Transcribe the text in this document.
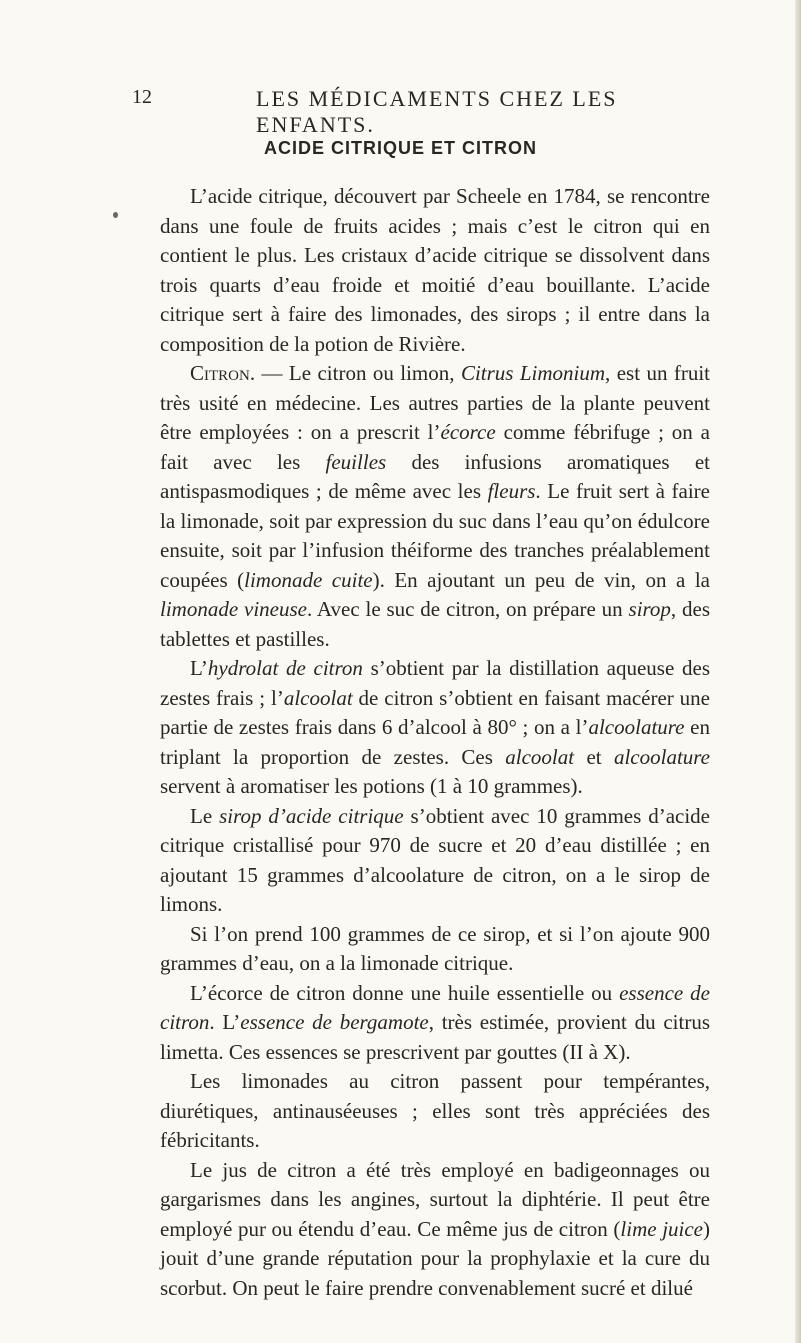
12	LES MÉDICAMENTS CHEZ LES ENFANTS.
ACIDE CITRIQUE ET CITRON

L’acide citrique, découvert par Scheele en 1784, se rencontre dans une foule de fruits acides ; mais c’est le citron qui en contient le plus. Les cristaux d’acide citrique se dissolvent dans trois quarts d’eau froide et moitié d’eau bouillante. L’acide citrique sert à faire des limonades, des sirops ; il entre dans la composition de la potion de Rivière.

Citron. — Le citron ou limon, Citrus Limonium, est un fruit très usité en médecine. Les autres parties de la plante peuvent être employées : on a prescrit l’écorce comme fébrifuge ; on a fait avec les feuilles des infusions aromatiques et antispasmodiques ; de même avec les fleurs. Le fruit sert à faire la limonade, soit par expression du suc dans l’eau qu’on édulcore ensuite, soit par l’infusion théiforme des tranches préalablement coupées (limonade cuite). En ajoutant un peu de vin, on a la limonade vineuse. Avec le suc de citron, on prépare un sirop, des tablettes et pastilles.

L’hydrolat de citron s’obtient par la distillation aqueuse des zestes frais ; l’alcoolat de citron s’obtient en faisant macérer une partie de zestes frais dans 6 d’alcool à 80° ; on a l’alcoolature en triplant la proportion de zestes. Ces alcoolat et alcoolature servent à aromatiser les potions (1 à 10 grammes).

Le sirop d’acide citrique s’obtient avec 10 grammes d’acide citrique cristallisé pour 970 de sucre et 20 d’eau distillée ; en ajoutant 15 grammes d’alcoolature de citron, on a le sirop de limons.

Si l’on prend 100 grammes de ce sirop, et si l’on ajoute 900 grammes d’eau, on a la limonade citrique.

L’écorce de citron donne une huile essentielle ou essence de citron. L’essence de bergamote, très estimée, provient du citrus limetta. Ces essences se prescrivent par gouttes (II à X).

Les limonades au citron passent pour tempérantes, diurétiques, antinauséeuses ; elles sont très appréciées des fébricitants.

Le jus de citron a été très employé en badigeonnages ou gargarismes dans les angines, surtout la diphtérie. Il peut être employé pur ou étendu d’eau. Ce même jus de citron (lime juice) jouit d’une grande réputation pour la prophylaxie et la cure du scorbut. On peut le faire prendre convenablement sucré et dilué
